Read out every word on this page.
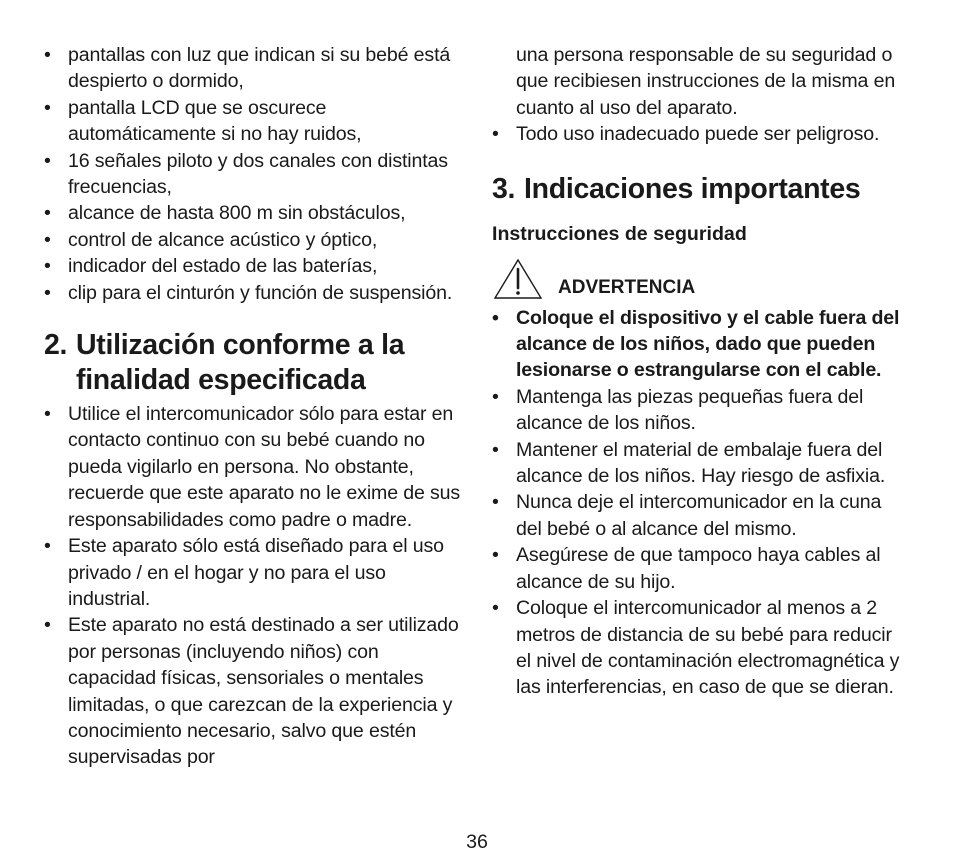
• pantallas con luz que indican si su bebé está despierto o dormido,
• pantalla LCD que se oscurece automáticamente si no hay ruidos,
• 16 señales piloto y dos canales con distintas frecuencias,
• alcance de hasta 800 m sin obstáculos,
• control de alcance acústico y óptico,
• indicador del estado de las baterías,
• clip para el cinturón y función de suspensión.
2. Utilización conforme a la
finalidad especificada
• Utilice el intercomunicador sólo para estar en contacto continuo con su bebé cuando no pueda vigilarlo en persona. No obstante, recuerde que este aparato no le exime de sus responsabilidades como padre o madre.
• Este aparato sólo está diseñado para el uso privado / en el hogar y no para el uso industrial.
• Este aparato no está destinado a ser utilizado por personas (incluyendo niños) con capacidad físicas, sensoriales o mentales limitadas, o que carezcan de la experiencia y conocimiento necesario, salvo que estén supervisadas por
una persona responsable de su seguridad o que recibiesen instrucciones de la misma en cuanto al uso del aparato.
• Todo uso inadecuado puede ser peligroso.
3. Indicaciones importantes
Instrucciones de seguridad
ADVERTENCIA
• Coloque el dispositivo y el cable fuera del alcance de los niños, dado que pueden lesionarse o estrangularse con el cable.
• Mantenga las piezas pequeñas fuera del alcance de los niños.
• Mantener el material de embalaje fuera del alcance de los niños. Hay riesgo de asfixia.
• Nunca deje el intercomunicador en la cuna del bebé o al alcance del mismo.
• Asegúrese de que tampoco haya cables al alcance de su hijo.
• Coloque el intercomunicador al menos a 2 metros de distancia de su bebé para reducir el nivel de contaminación electromagnética y las interferencias, en caso de que se dieran.
36
